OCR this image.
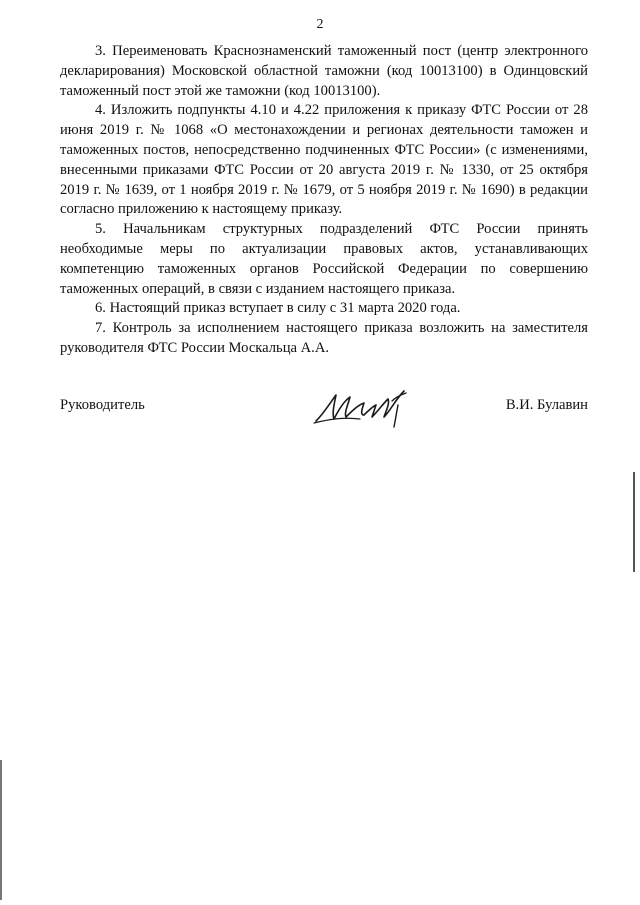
2

3. Переименовать Краснознаменский таможенный пост (центр электронного декларирования) Московской областной таможни (код 10013100) в Одинцовский таможенный пост этой же таможни (код 10013100).

4. Изложить подпункты 4.10 и 4.22 приложения к приказу ФТС России от 28 июня 2019 г. № 1068 «О местонахождении и регионах деятельности таможен и таможенных постов, непосредственно подчиненных ФТС России» (с изменениями, внесенными приказами ФТС России от 20 августа 2019 г. № 1330, от 25 октября 2019 г. № 1639, от 1 ноября 2019 г. № 1679, от 5 ноября 2019 г. № 1690) в редакции согласно приложению к настоящему приказу.

5. Начальникам структурных подразделений ФТС России принять необходимые меры по актуализации правовых актов, устанавливающих компетенцию таможенных органов Российской Федерации по совершению таможенных операций, в связи с изданием настоящего приказа.

6. Настоящий приказ вступает в силу с 31 марта 2020 года.

7. Контроль за исполнением настоящего приказа возложить на заместителя руководителя ФТС России Москальца А.А.

Руководитель	В.И. Булавин
